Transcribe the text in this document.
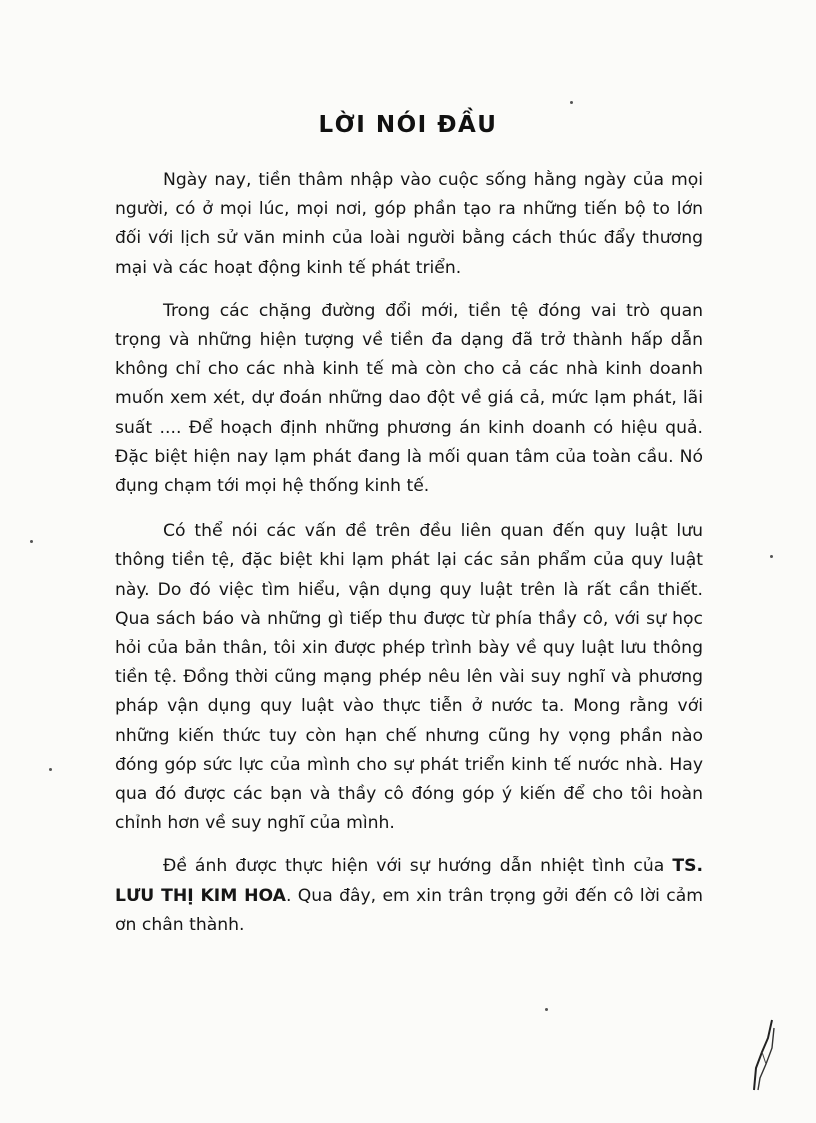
LỜI NÓI ĐẦU

Ngày nay, tiền thâm nhập vào cuộc sống hằng ngày của mọi người, có ở mọi lúc, mọi nơi, góp phần tạo ra những tiến bộ to lớn đối với lịch sử văn minh của loài người bằng cách thúc đẩy thương mại và các hoạt động kinh tế phát triển.

Trong các chặng đường đổi mới, tiền tệ đóng vai trò quan trọng và những hiện tượng về tiền đa dạng đã trở thành hấp dẫn không chỉ cho các nhà kinh tế mà còn cho cả các nhà kinh doanh muốn xem xét, dự đoán những dao đột về giá cả, mức lạm phát, lãi suất .... Để hoạch định những phương án kinh doanh có hiệu quả. Đặc biệt hiện nay lạm phát đang là mối quan tâm của toàn cầu. Nó đụng chạm tới mọi hệ thống kinh tế.

Có thể nói các vấn đề trên đều liên quan đến quy luật lưu thông tiền tệ, đặc biệt khi lạm phát lại các sản phẩm của quy luật này. Do đó việc tìm hiểu, vận dụng quy luật trên là rất cần thiết. Qua sách báo và những gì tiếp thu được từ phía thầy cô, với sự học hỏi của bản thân, tôi xin được phép trình bày về quy luật lưu thông tiền tệ. Đồng thời cũng mạng phép nêu lên vài suy nghĩ và phương pháp vận dụng quy luật vào thực tiễn ở nước ta. Mong rằng với những kiến thức tuy còn hạn chế nhưng cũng hy vọng phần nào đóng góp sức lực của mình cho sự phát triển kinh tế nước nhà. Hay qua đó được các bạn và thầy cô đóng góp ý kiến để cho tôi hoàn chỉnh hơn về suy nghĩ của mình.

Đề ánh được thực hiện với sự hướng dẫn nhiệt tình của TS. LƯU THỊ KIM HOA. Qua đây, em xin trân trọng gởi đến cô lời cảm ơn chân thành.
